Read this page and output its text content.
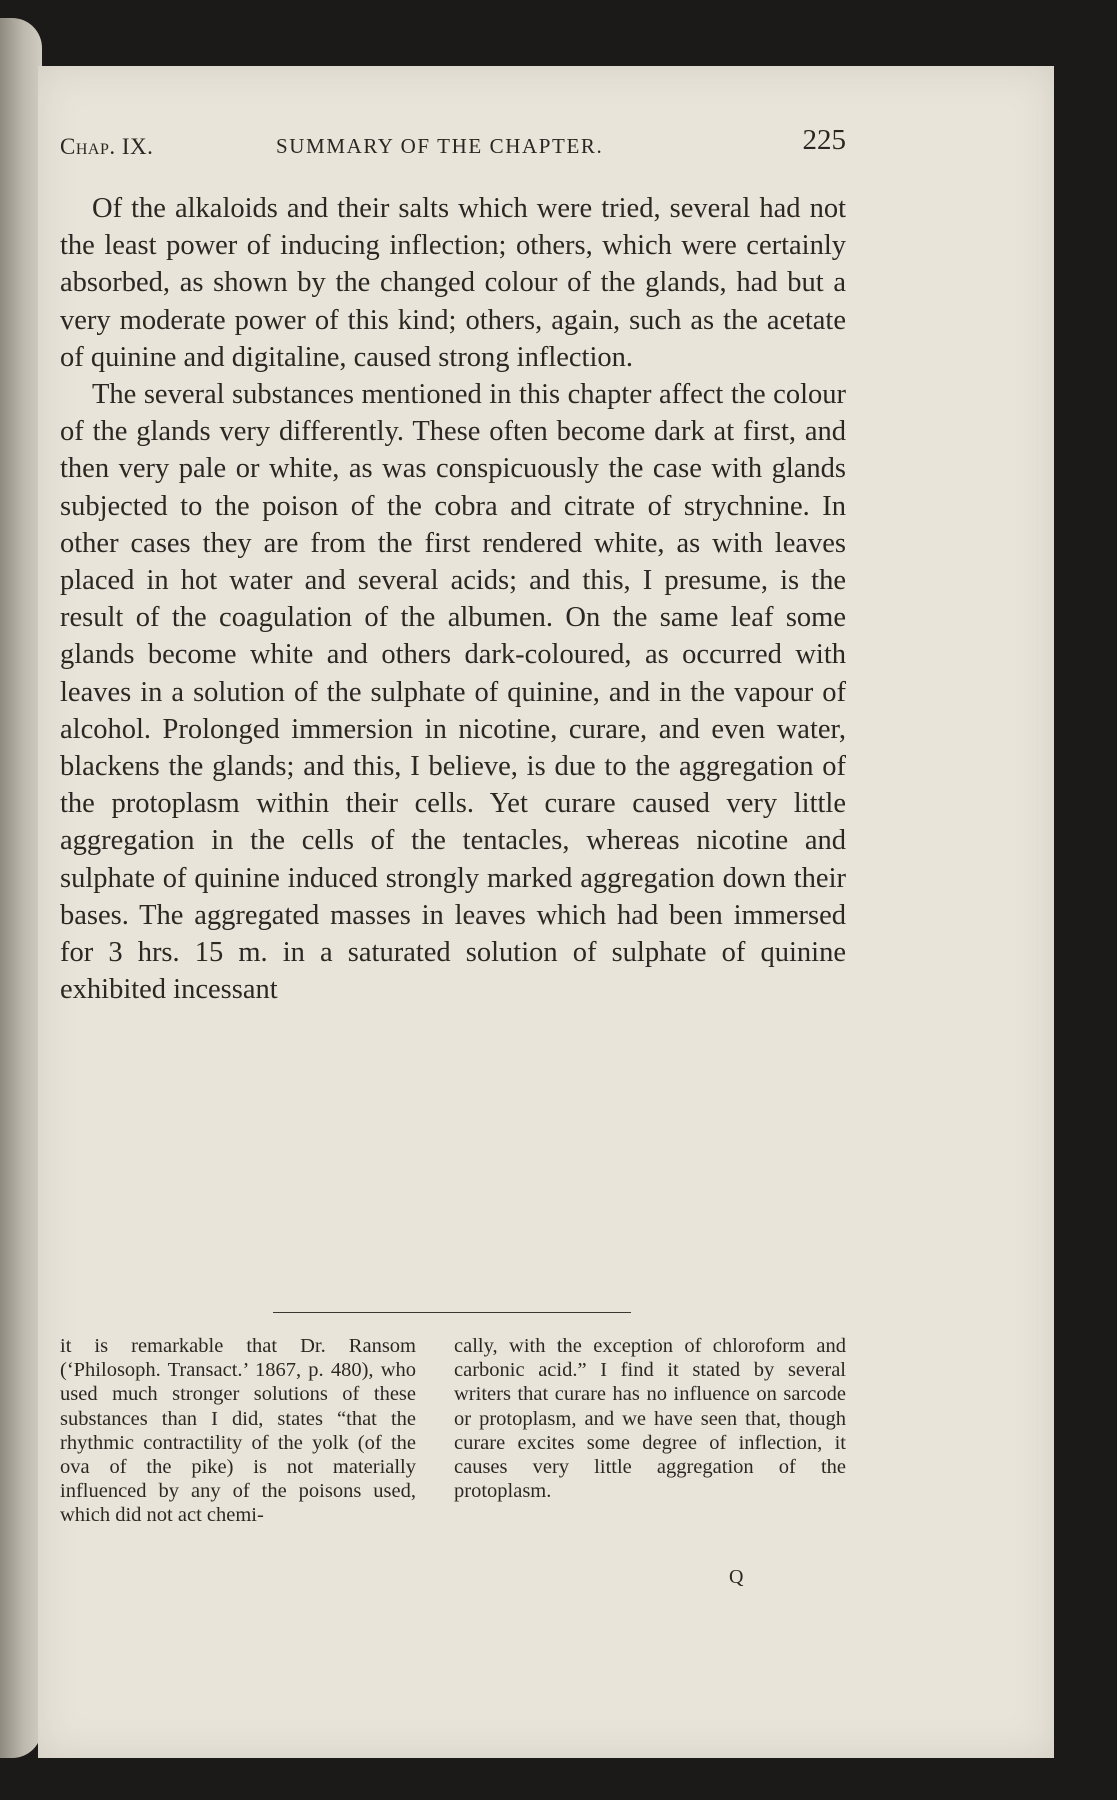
Chap. IX.	SUMMARY OF THE CHAPTER.	225

Of the alkaloids and their salts which were tried, several had not the least power of inducing inflection; others, which were certainly absorbed, as shown by the changed colour of the glands, had but a very moderate power of this kind; others, again, such as the acetate of quinine and digitaline, caused strong inflection.

The several substances mentioned in this chapter affect the colour of the glands very differently. These often become dark at first, and then very pale or white, as was conspicuously the case with glands subjected to the poison of the cobra and citrate of strychnine. In other cases they are from the first rendered white, as with leaves placed in hot water and several acids; and this, I presume, is the result of the coagulation of the albumen. On the same leaf some glands become white and others dark-coloured, as occurred with leaves in a solution of the sulphate of quinine, and in the vapour of alcohol. Prolonged immersion in nicotine, curare, and even water, blackens the glands; and this, I believe, is due to the aggregation of the protoplasm within their cells. Yet curare caused very little aggregation in the cells of the tentacles, whereas nicotine and sulphate of quinine induced strongly marked aggregation down their bases. The aggregated masses in leaves which had been immersed for 3 hrs. 15 m. in a saturated solution of sulphate of quinine exhibited incessant

it is remarkable that Dr. Ransom (‘Philosoph. Transact.’ 1867, p. 480), who used much stronger solutions of these substances than I did, states “that the rhythmic contractility of the yolk (of the ova of the pike) is not materially influenced by any of the poisons used, which did not act chemi-
cally, with the exception of chloroform and carbonic acid.” I find it stated by several writers that curare has no influence on sarcode or protoplasm, and we have seen that, though curare excites some degree of inflection, it causes very little aggregation of the protoplasm.
Q
